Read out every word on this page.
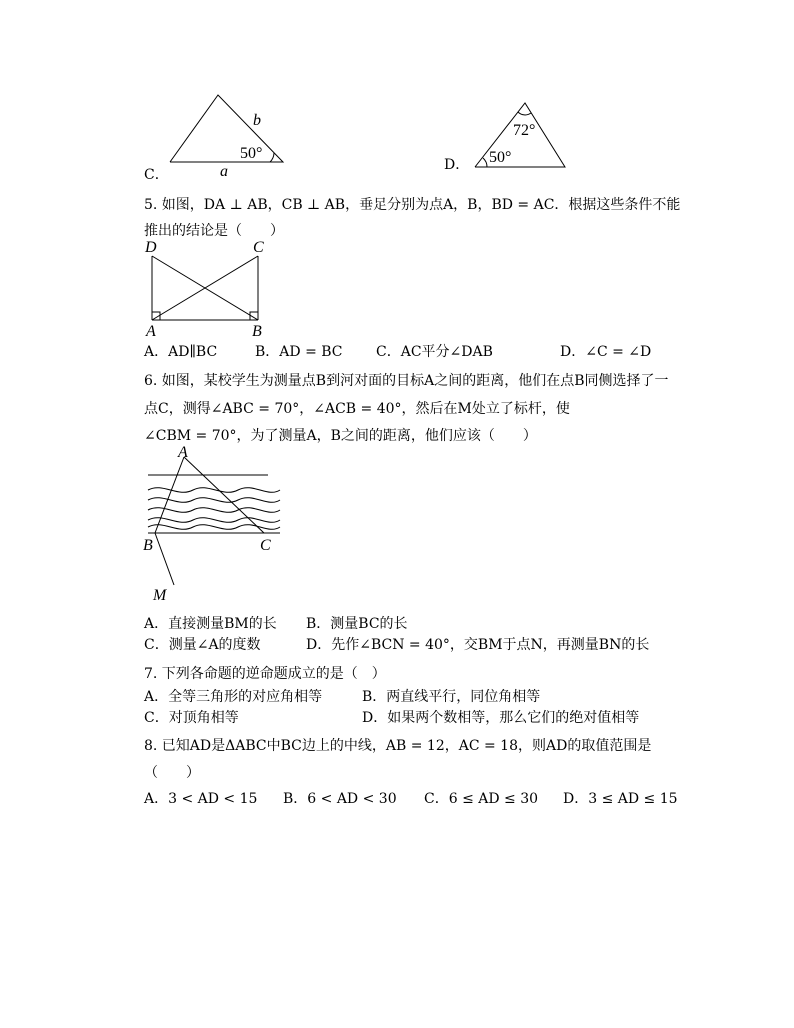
b
50°
a
C．
72°
50°
D．
5. 如图，DA ⊥ AB，CB ⊥ AB，垂足分别为点A，B，BD = AC．根据这些条件不能
推出的结论是（　　）
D	C
A	B
A．AD∥BC	B．AD = BC C．AC平分∠DAB	D．∠C = ∠D
6. 如图，某校学生为测量点B到河对面的目标A之间的距离，他们在点B同侧选择了一
点C，测得∠ABC = 70°，∠ACB = 40°，然后在M处立了标杆，使
∠CBM = 70°，为了测量A，B之间的距离，他们应该（　　）
A
B	C
M
A．直接测量BM的长 B．测量BC的长
C．测量∠A的度数	D．先作∠BCN = 40°，交BM于点N，再测量BN的长
7. 下列各命题的逆命题成立的是（　）
A．全等三角形的对应角相等	B．两直线平行，同位角相等
C．对顶角相等	D．如果两个数相等，那么它们的绝对值相等
8. 已知AD是ΔABC中BC边上的中线，AB = 12，AC = 18，则AD的取值范围是
（　　）
A．3 < AD < 15 B．6 < AD < 30 C．6 ≤ AD ≤ 30 D．3 ≤ AD ≤ 15
